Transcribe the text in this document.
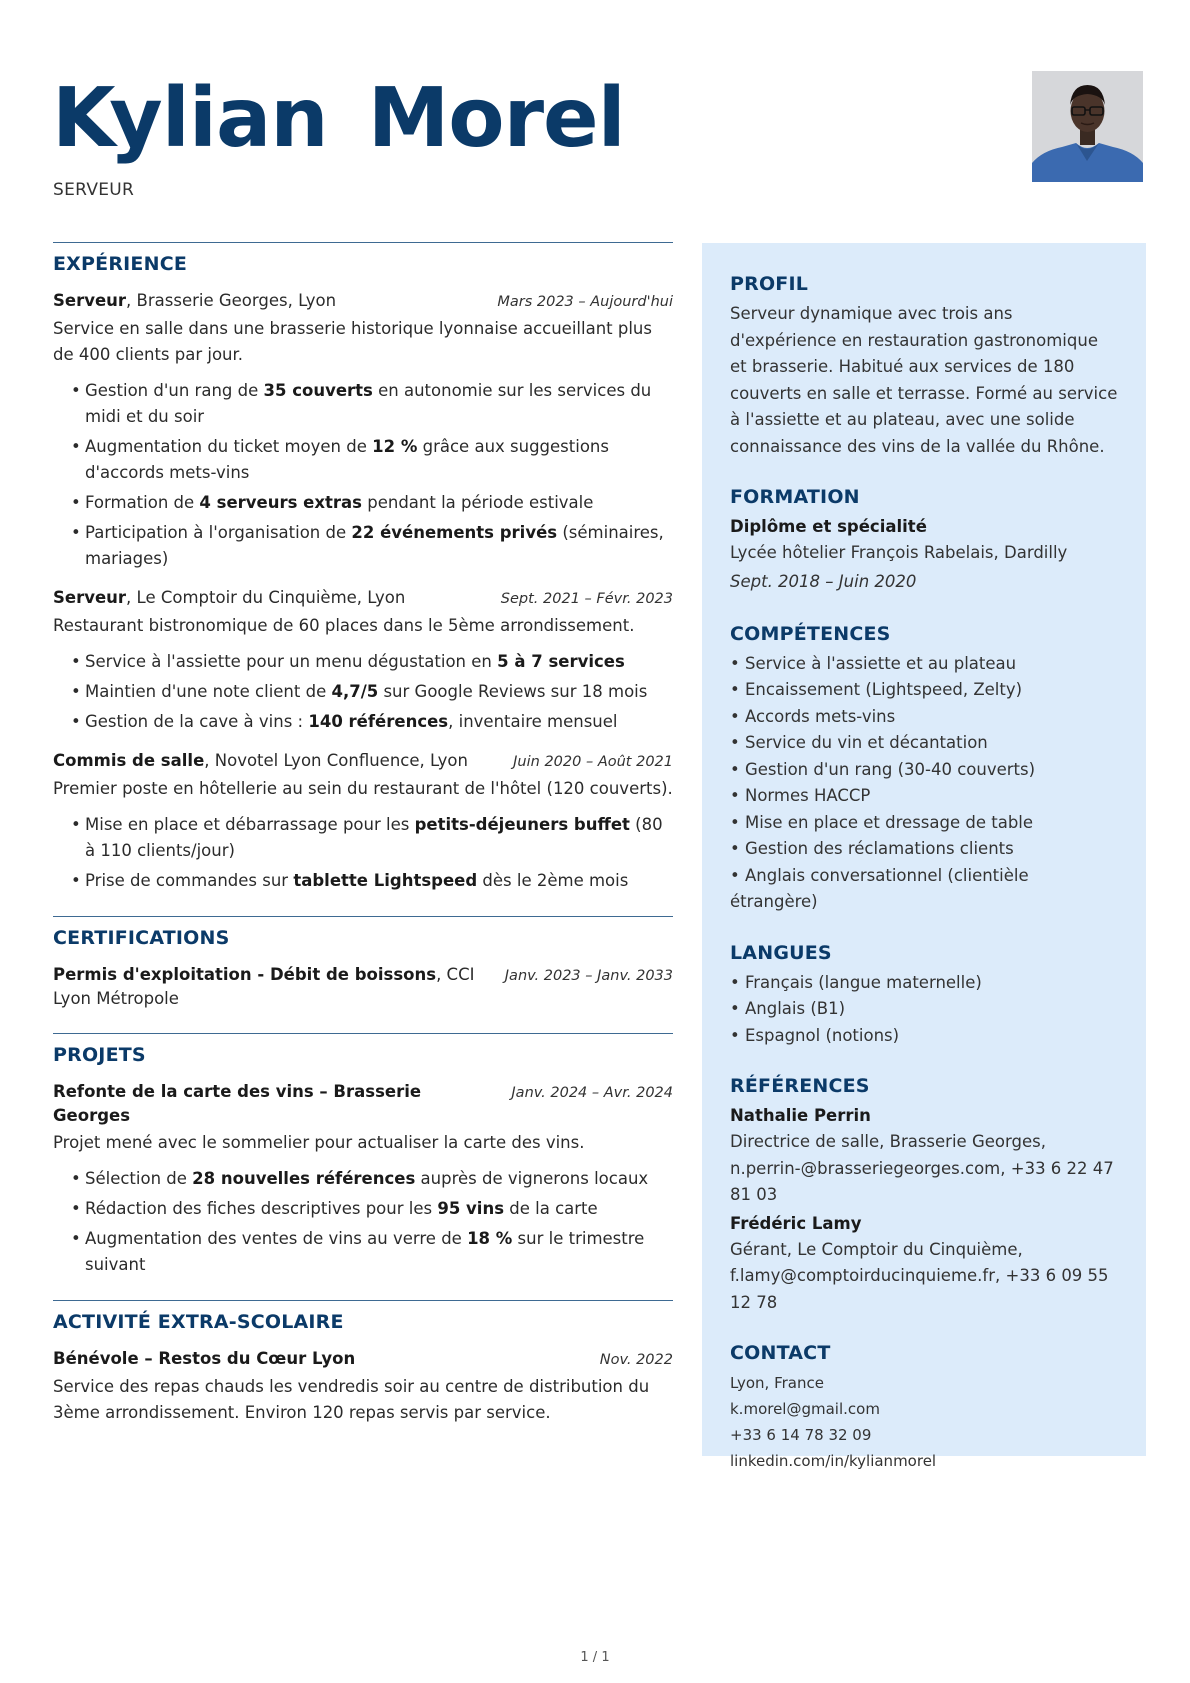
Kylian Morel
SERVEUR
EXPÉRIENCE
Serveur, Brasserie Georges, Lyon	Mars 2023 – Aujourd'hui
Service en salle dans une brasserie historique lyonnaise accueillant plus de 400 clients par jour.
• Gestion d'un rang de 35 couverts en autonomie sur les services du midi et du soir
• Augmentation du ticket moyen de 12 % grâce aux suggestions d'accords mets-vins
• Formation de 4 serveurs extras pendant la période estivale
• Participation à l'organisation de 22 événements privés (séminaires, mariages)
Serveur, Le Comptoir du Cinquième, Lyon	Sept. 2021 – Févr. 2023
Restaurant bistronomique de 60 places dans le 5ème arrondissement.
• Service à l'assiette pour un menu dégustation en 5 à 7 services
• Maintien d'une note client de 4,7/5 sur Google Reviews sur 18 mois
• Gestion de la cave à vins : 140 références, inventaire mensuel
Commis de salle, Novotel Lyon Confluence, Lyon	Juin 2020 – Août 2021
Premier poste en hôtellerie au sein du restaurant de l'hôtel (120 couverts).
• Mise en place et débarrassage pour les petits-déjeuners buffet (80 à 110 clients/jour)
• Prise de commandes sur tablette Lightspeed dès le 2ème mois
CERTIFICATIONS
Permis d'exploitation - Débit de boissons, CCI Lyon Métropole
Janv. 2023 – Janv. 2033
PROJETS
Refonte de la carte des vins – Brasserie Georges
Janv. 2024 – Avr. 2024
Projet mené avec le sommelier pour actualiser la carte des vins.
• Sélection de 28 nouvelles références auprès de vignerons locaux
• Rédaction des fiches descriptives pour les 95 vins de la carte
• Augmentation des ventes de vins au verre de 18 % sur le trimestre suivant
ACTIVITÉ EXTRA-SCOLAIRE
Bénévole – Restos du Cœur Lyon	Nov. 2022
Service des repas chauds les vendredis soir au centre de distribution du 3ème arrondissement. Environ 120 repas servis par service.
PROFIL
Serveur dynamique avec trois ans d'expérience en restauration gastronomique et brasserie. Habitué aux services de 180 couverts en salle et terrasse. Formé au service à l'assiette et au plateau, avec une solide connaissance des vins de la vallée du Rhône.
FORMATION
Diplôme et spécialité
Lycée hôtelier François Rabelais, Dardilly
Sept. 2018 – Juin 2020
COMPÉTENCES
• Service à l'assiette et au plateau
• Encaissement (Lightspeed, Zelty)
• Accords mets-vins
• Service du vin et décantation
• Gestion d'un rang (30-40 couverts)
• Normes HACCP
• Mise en place et dressage de table
• Gestion des réclamations clients
• Anglais conversationnel (clientièle étrangère)
LANGUES
• Français (langue maternelle)
• Anglais (B1)
• Espagnol (notions)
RÉFÉRENCES
Nathalie Perrin
Directrice de salle, Brasserie Georges, n.perrin-@brasseriegeorges.com, +33 6 22 47 81 03
Frédéric Lamy
Gérant, Le Comptoir du Cinquième, f.lamy@comptoirducinquieme.fr, +33 6 09 55 12 78
CONTACT
Lyon, France
k.morel@gmail.com
+33 6 14 78 32 09
linkedin.com/in/kylianmorel
1 / 1
